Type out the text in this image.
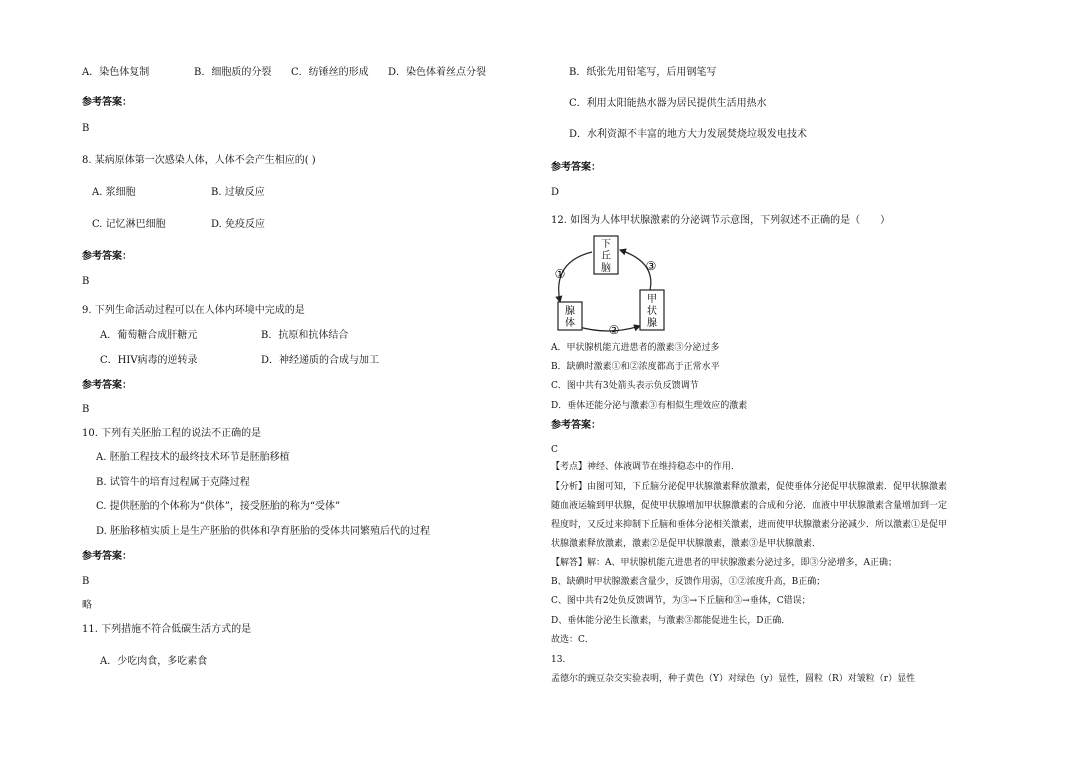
A．染色体复制	B．细胞质的分裂 C．纺锤丝的形成 D．染色体着丝点分裂
参考答案：
B
8. 某病原体第一次感染人体，人体不会产生相应的( )
A. 浆细胞	B. 过敏反应
C. 记忆淋巴细胞	D. 免疫反应
参考答案：
B
9. 下列生命活动过程可以在人体内环境中完成的是
A．葡萄糖合成肝糖元	B．抗原和抗体结合
C．HIV病毒的逆转录	D．神经递质的合成与加工
参考答案：
B
10. 下列有关胚胎工程的说法不正确的是
A. 胚胎工程技术的最终技术环节是胚胎移植
B. 试管牛的培育过程属于克隆过程
C. 提供胚胎的个体称为“供体”，接受胚胎的称为“受体”
D. 胚胎移植实质上是生产胚胎的供体和孕育胚胎的受体共同繁殖后代的过程
参考答案：
B
略
11. 下列措施不符合低碳生活方式的是
A．少吃肉食，多吃素食
B．纸张先用铅笔写，后用钢笔写
C．利用太阳能热水器为居民提供生活用热水
D．水利资源不丰富的地方大力发展焚烧垃圾发电技术
参考答案：
D
12. 如图为人体甲状腺激素的分泌调节示意图，下列叙述不正确的是（　　）
下
丘
脑
腺
体
甲
状
腺
①
③
②
A．甲状腺机能亢进患者的激素③分泌过多
B．缺碘时激素①和②浓度都高于正常水平
C．图中共有3处箭头表示负反馈调节
D．垂体还能分泌与激素③有相似生理效应的激素
参考答案：
C
【考点】神经、体液调节在维持稳态中的作用．
【分析】由图可知，下丘脑分泌促甲状腺激素释放激素，促使垂体分泌促甲状腺激素．促甲状腺激素
随血液运输到甲状腺，促使甲状腺增加甲状腺激素的合成和分泌．血液中甲状腺激素含量增加到一定
程度时，又反过来抑制下丘脑和垂体分泌相关激素，进而使甲状腺激素分泌减少．所以激素①是促甲
状腺激素释放激素，激素②是促甲状腺激素，激素③是甲状腺激素．
【解答】解：A、甲状腺机能亢进患者的甲状腺激素分泌过多，即③分泌增多，A正确；
B、缺碘时甲状腺激素含量少，反馈作用弱，①②浓度升高，B正确；
C、图中共有2处负反馈调节，为③→下丘脑和③→垂体，C错误；
D、垂体能分泌生长激素，与激素③都能促进生长，D正确．
故选：C．
13.
孟德尔的豌豆杂交实验表明，种子黄色（Y）对绿色（y）显性，圆粒（R）对皱粒（r）显性
